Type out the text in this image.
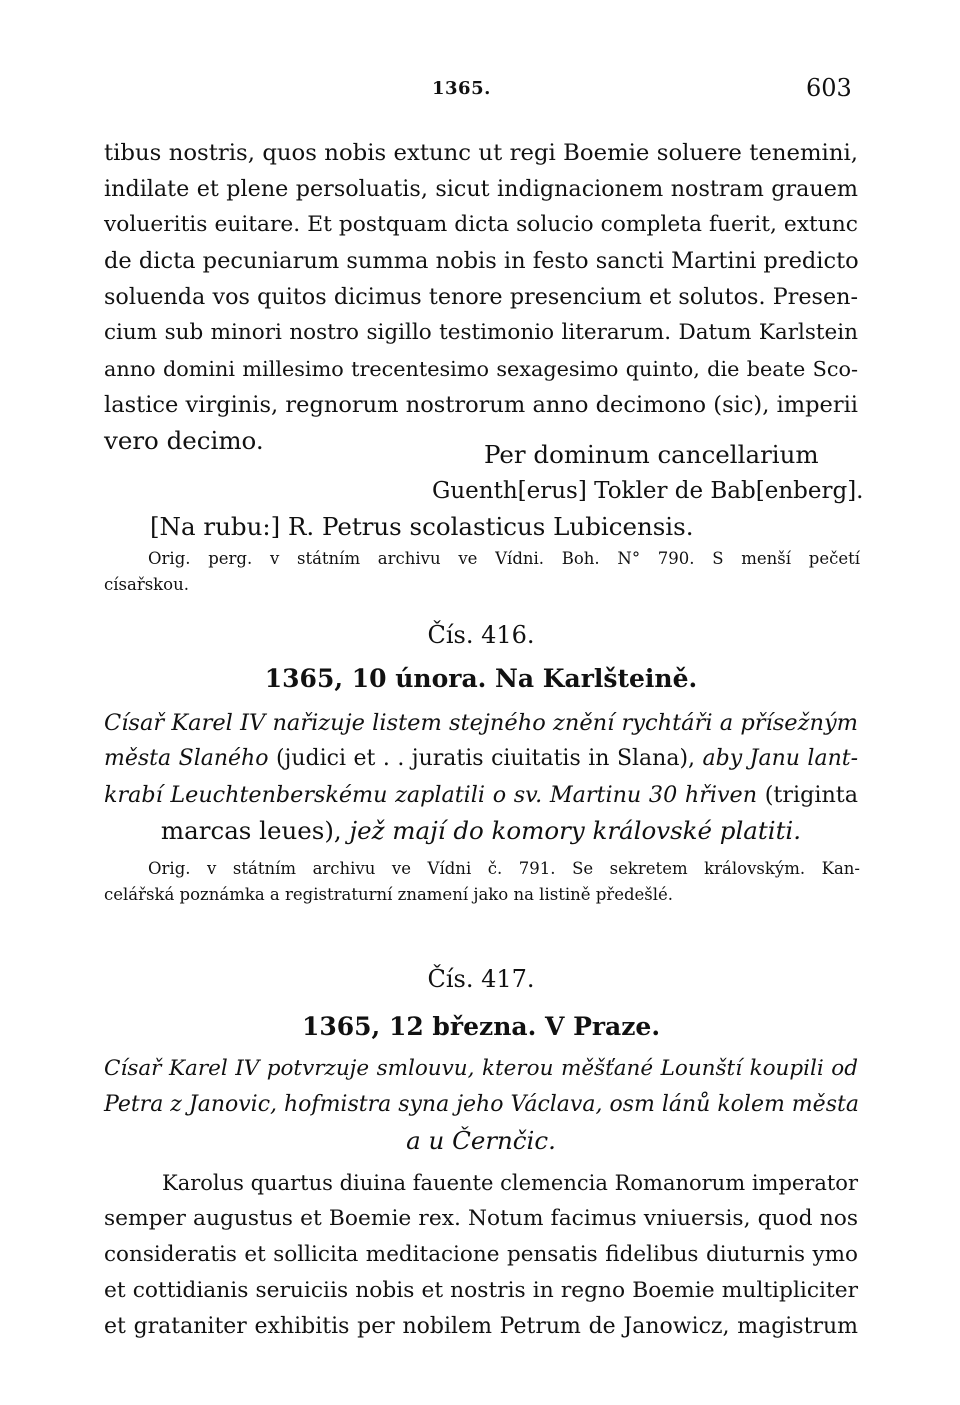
1365.	603
tibus nostris, quos nobis extunc ut regi Boemie soluere tenemini,
indilate et plene persoluatis, sicut indignacionem nostram grauem
volueritis euitare. Et postquam dicta solucio completa fuerit, extunc
de dicta pecuniarum summa nobis in festo sancti Martini predicto
soluenda vos quitos dicimus tenore presencium et solutos. Presen-
cium sub minori nostro sigillo testimonio literarum. Datum Karlstein
anno domini millesimo trecentesimo sexagesimo quinto, die beate Sco-
lastice virginis, regnorum nostrorum anno decimono (sic), imperii
vero decimo.	Per dominum cancellarium
Guenth[erus] Tokler de Bab[enberg].
[Na rubu:] R. Petrus scolasticus Lubicensis.
Orig. perg. v státním archivu ve Vídni. Boh. N° 790. S menší pečetí
císařskou.
Čís. 416.
1365, 10 února. Na Karlšteině.
Císař Karel IV nařizuje listem stejného znění rychtáři a přísežným
města Slaného (judici et . . juratis ciuitatis in Slana), aby Janu lant-
krabí Leuchtenberskému zaplatili o sv. Martinu 30 hřiven (triginta
marcas leues), jež mají do komory královské platiti.
Orig. v státním archivu ve Vídni č. 791. Se sekretem královským. Kan-
celářská poznámka a registraturní znamení jako na listině předešlé.
Čís. 417.
1365, 12 března. V Praze.
Císař Karel IV potvrzuje smlouvu, kterou měšťané Lounští koupili od
Petra z Janovic, hofmistra syna jeho Václava, osm lánů kolem města
a u Černčic.
Karolus quartus diuina fauente clemencia Romanorum imperator
semper augustus et Boemie rex. Notum facimus vniuersis, quod nos
consideratis et sollicita meditacione pensatis fidelibus diuturnis ymo
et cottidianis seruiciis nobis et nostris in regno Boemie multipliciter
et grataniter exhibitis per nobilem Petrum de Janowicz, magistrum
